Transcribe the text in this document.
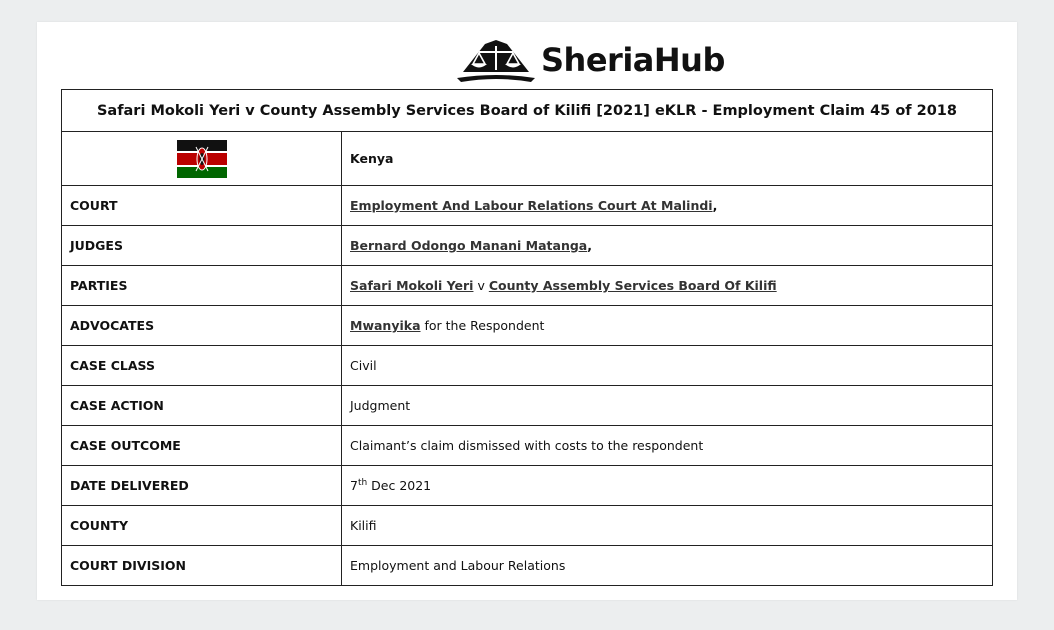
SheriaHub
Safari Mokoli Yeri v County Assembly Services Board of Kilifi [2021] eKLR - Employment Claim 45 of 2018	
	Kenya
COURT	Employment And Labour Relations Court At Malindi,
JUDGES	Bernard Odongo Manani Matanga,
PARTIES	Safari Mokoli Yeri v County Assembly Services Board Of Kilifi
ADVOCATES	Mwanyika for the Respondent
CASE CLASS	Civil
CASE ACTION	Judgment
CASE OUTCOME	Claimant’s claim dismissed with costs to the respondent
DATE DELIVERED	7th Dec 2021
COUNTY	Kilifi
COURT DIVISION	Employment and Labour Relations
